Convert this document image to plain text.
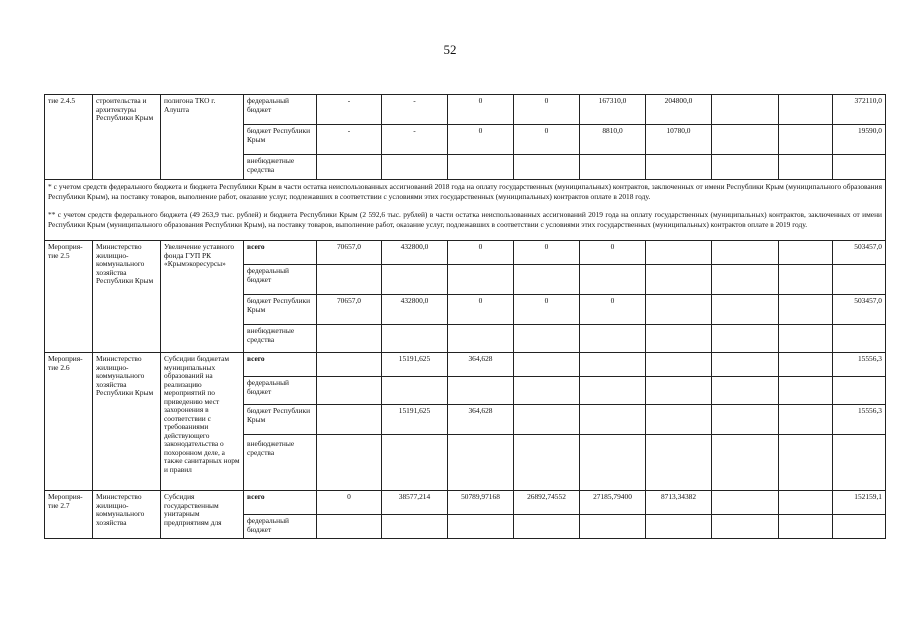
52
тие 2.4.5	строительства и архитектуры Республики Крым	полигона ТКО г. Алушта	федеральный бюджет	-	-	0	0	167310,0	204800,0			372110,0
			бюджет Республики Крым	-	-	0	0	8810,0	10780,0			19590,0
			внебюджетные средства									

* с учетом средств федерального бюджета и бюджета Республики Крым в части остатка неиспользованных ассигнований 2018 года на оплату государственных (муниципальных) контрактов, заключенных от имени Республики Крым (муниципального образования Республики Крым), на поставку товаров, выполнение работ, оказание услуг, подлежавших в соответствии с условиями этих государственных (муниципальных) контрактов оплате в 2018 году.

** с учетом средств федерального бюджета (49 263,9 тыс. рублей) и бюджета Республики Крым (2 592,6 тыс. рублей) в части остатка неиспользованных ассигнований 2019 года на оплату государственных (муниципальных) контрактов, заключенных от имени Республики Крым (муниципального образования Республики Крым), на поставку товаров, выполнение работ, оказание услуг, подлежавших в соответствии с условиями этих государственных (муниципальных) контрактов оплате в 2019 году.												

Мероприя-тие 2.5	Министерство жилищно-коммунального хозяйства Республики Крым	Увеличение уставного фонда ГУП РК «Крымэкоресурсы»	всего	70657,0	432800,0	0	0	0				503457,0
			федеральный бюджет									
			бюджет Республики Крым	70657,0	432800,0	0	0	0				503457,0
			внебюджетные средства									
Мероприя-тие 2.6	Министерство жилищно-коммунального хозяйства Республики Крым	Субсидии бюджетам муниципальных образований на реализацию мероприятий по приведению мест захоронения в соответствии с требованиями действующего законодательства о похоронном деле, а также санитарных норм и правил	всего		15191,625	364,628						15556,3
			федеральный бюджет									
			бюджет Республики Крым		15191,625	364,628						15556,3
			внебюджетные средства									
Мероприя-тие 2.7	Министерство жилищно-коммунального хозяйства	Субсидия государственным унитарным предприятиям для	всего	0	38577,214	50789,97168	26892,74552	27185,79400	8713,34382			152159,1
			федеральный бюджет									
